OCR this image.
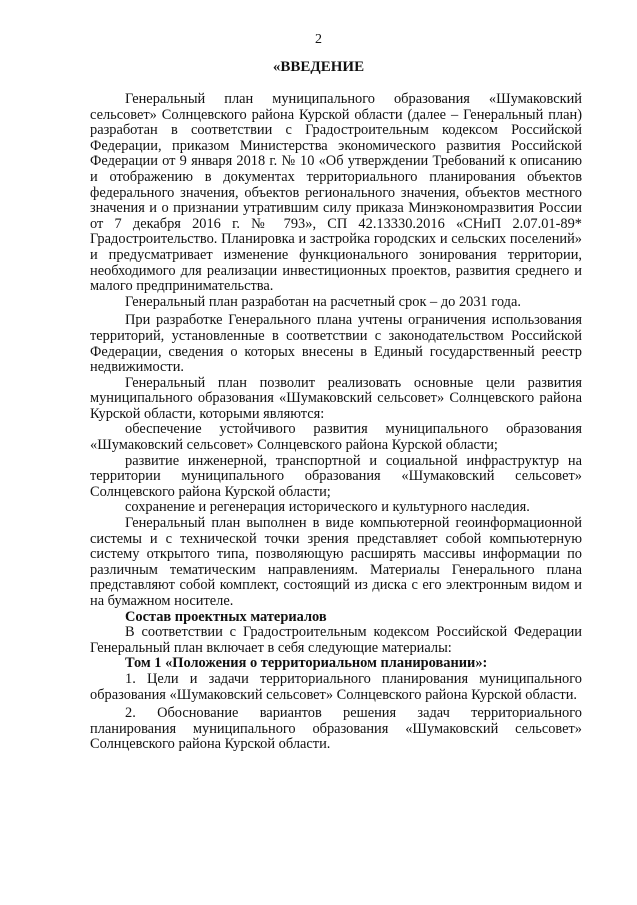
2
«ВВЕДЕНИЕ

Генеральный план муниципального образования «Шумаковский сельсовет» Солнцевского района Курской области (далее – Генеральный план) разработан в соответствии с Градостроительным кодексом Российской Федерации, приказом Министерства экономического развития Российской Федерации от 9 января 2018 г. № 10 «Об утверждении Требований к описанию и отображению в документах территориального планирования объектов федерального значения, объектов регионального значения, объектов местного значения и о признании утратившим силу приказа Минэкономразвития России от 7 декабря 2016 г. № 793», СП 42.13330.2016 «СНиП 2.07.01-89* Градостроительство. Планировка и застройка городских и сельских поселений» и предусматривает изменение функционального зонирования территории, необходимого для реализации инвестиционных проектов, развития среднего и малого предпринимательства.

Генеральный план разработан на расчетный срок – до 2031 года.

При разработке Генерального плана учтены ограничения использования территорий, установленные в соответствии с законодательством Российской Федерации, сведения о которых внесены в Единый государственный реестр недвижимости.

Генеральный план позволит реализовать основные цели развития муниципального образования «Шумаковский сельсовет» Солнцевского района Курской области, которыми являются:

обеспечение устойчивого развития муниципального образования «Шумаковский сельсовет» Солнцевского района Курской области;

развитие инженерной, транспортной и социальной инфраструктур на территории муниципального образования «Шумаковский сельсовет» Солнцевского района Курской области;

сохранение и регенерация исторического и культурного наследия.

Генеральный план выполнен в виде компьютерной геоинформационной системы и с технической точки зрения представляет собой компьютерную систему открытого типа, позволяющую расширять массивы информации по различным тематическим направлениям. Материалы Генерального плана представляют собой комплект, состоящий из диска с его электронным видом и на бумажном носителе.

Состав проектных материалов

В соответствии с Градостроительным кодексом Российской Федерации Генеральный план включает в себя следующие материалы:

Том 1 «Положения о территориальном планировании»:

1. Цели и задачи территориального планирования муниципального образования «Шумаковский сельсовет» Солнцевского района Курской области.

2. Обоснование вариантов решения задач территориального планирования муниципального образования «Шумаковский сельсовет» Солнцевского района Курской области.
